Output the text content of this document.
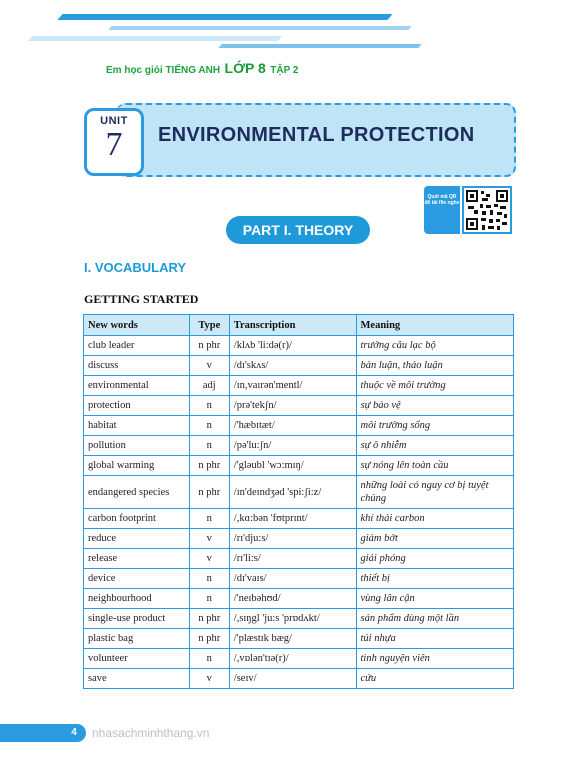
Em học giỏi TIẾNG ANH LỚP 8 TẬP 2
ENVIRONMENTAL PROTECTION
UNIT
7
Quét mã QR để tải file nghe
PART I. THEORY
I. VOCABULARY
GETTING STARTED
New words	Type	Transcription	Meaning
club leader	n phr	/klʌb 'li:də(r)/	trưởng câu lạc bộ
discuss	v	/dɪ'skʌs/	bàn luận, thảo luận
environmental	adj	/ɪn,vaɪrən'mentl/	thuộc về môi trường
protection	n	/prə'tekʃn/	sự bảo vệ
habitat	n	/'hæbɪtæt/	môi trường sống
pollution	n	/pə'lu:ʃn/	sự ô nhiễm
global warming	n phr	/'gləubl 'wɔ:mɪŋ/	sự nóng lên toàn cầu
endangered species	n phr	/ɪn'deɪndʒəd 'spi:ʃi:z/	những loài có nguy cơ bị tuyệt chủng
carbon footprint	n	/,kɑ:bən 'fʊtprɪnt/	khí thải carbon
reduce	v	/rɪ'dju:s/	giảm bớt
release	v	/rɪ'li:s/	giải phóng
device	n	/dɪ'vaɪs/	thiết bị
neighbourhood	n	/'neɪbəhʊd/	vùng lân cận
single-use product	n phr	/,sɪŋgl 'ju:s 'prɒdʌkt/	sản phẩm dùng một lần
plastic bag	n phr	/'plæstɪk bæg/	túi nhựa
volunteer	n	/,vɒlən'tɪə(r)/	tình nguyện viên
save	v	/seɪv/	cứu
4	nhasachminhthang.vn
